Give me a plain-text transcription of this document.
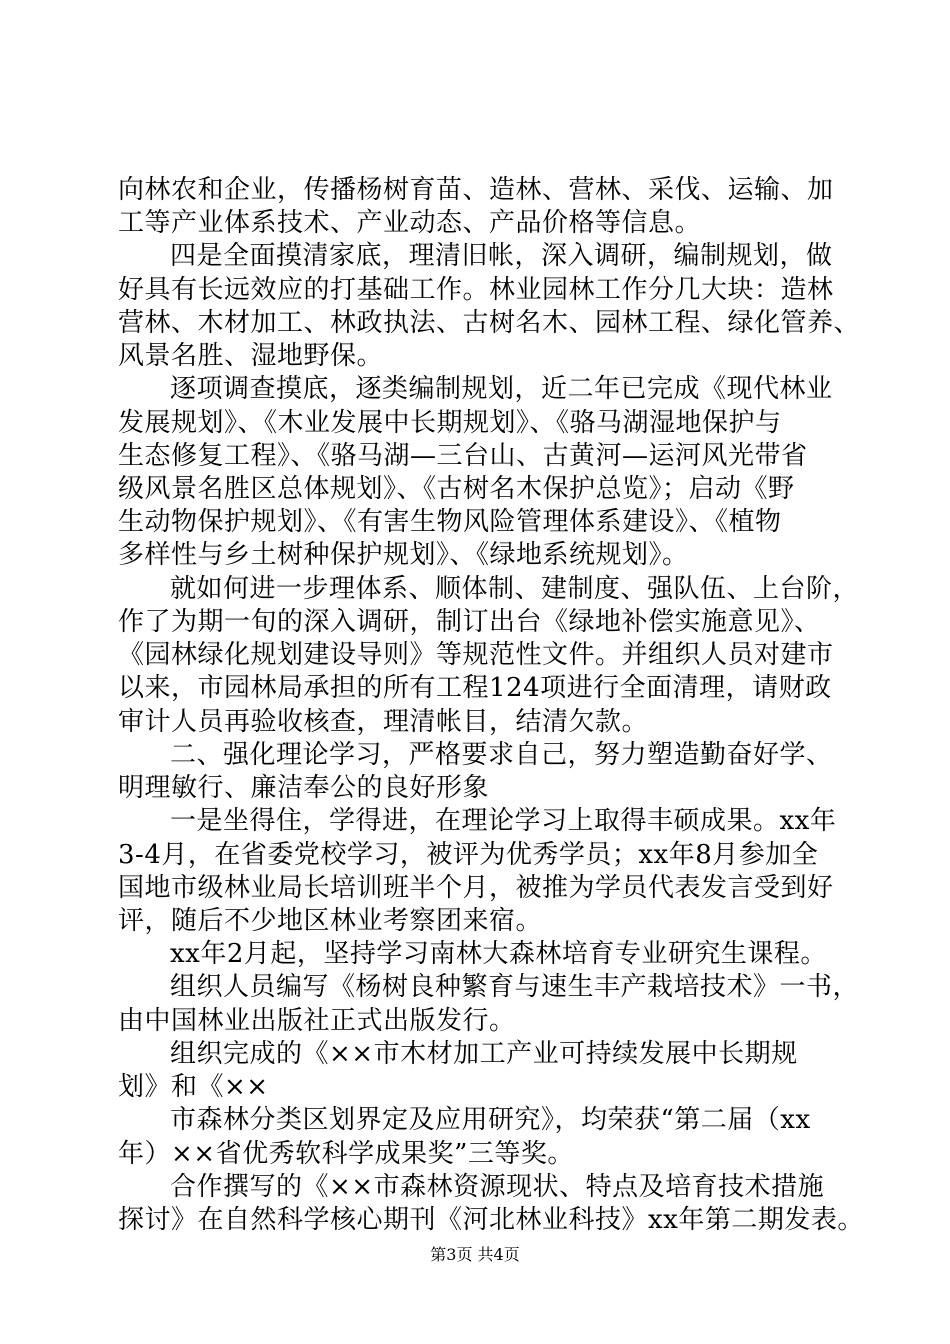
向林农和企业，传播杨树育苗、造林、营林、采伐、运输、加
工等产业体系技术、产业动态、产品价格等信息。
四是全面摸清家底，理清旧帐，深入调研，编制规划，做
好具有长远效应的打基础工作。林业园林工作分几大块：造林
营林、木材加工、林政执法、古树名木、园林工程、绿化管养、
风景名胜、湿地野保。
逐项调查摸底，逐类编制规划，近二年已完成《现代林业
发展规划》、《木业发展中长期规划》、《骆马湖湿地保护与
生态修复工程》、《骆马湖—三台山、古黄河—运河风光带省
级风景名胜区总体规划》、《古树名木保护总览》；启动《野
生动物保护规划》、《有害生物风险管理体系建设》、《植物
多样性与乡土树种保护规划》、《绿地系统规划》。
就如何进一步理体系、顺体制、建制度、强队伍、上台阶，
作了为期一旬的深入调研，制订出台《绿地补偿实施意见》、
《园林绿化规划建设导则》等规范性文件。并组织人员对建市
以来，市园林局承担的所有工程124项进行全面清理，请财政
审计人员再验收核查，理清帐目，结清欠款。
二、强化理论学习，严格要求自己，努力塑造勤奋好学、
明理敏行、廉洁奉公的良好形象
一是坐得住，学得进，在理论学习上取得丰硕成果。xx年
3-4月，在省委党校学习，被评为优秀学员；xx年8月参加全
国地市级林业局长培训班半个月，被推为学员代表发言受到好
评，随后不少地区林业考察团来宿。
xx年2月起，坚持学习南林大森林培育专业研究生课程。
组织人员编写《杨树良种繁育与速生丰产栽培技术》一书，
由中国林业出版社正式出版发行。
组织完成的《××市木材加工产业可持续发展中长期规
划》和《××
市森林分类区划界定及应用研究》，均荣获“第二届（xx
年）××省优秀软科学成果奖”三等奖。
合作撰写的《××市森林资源现状、特点及培育技术措施
探讨》在自然科学核心期刊《河北林业科技》xx年第二期发表。
第3页 共4页
